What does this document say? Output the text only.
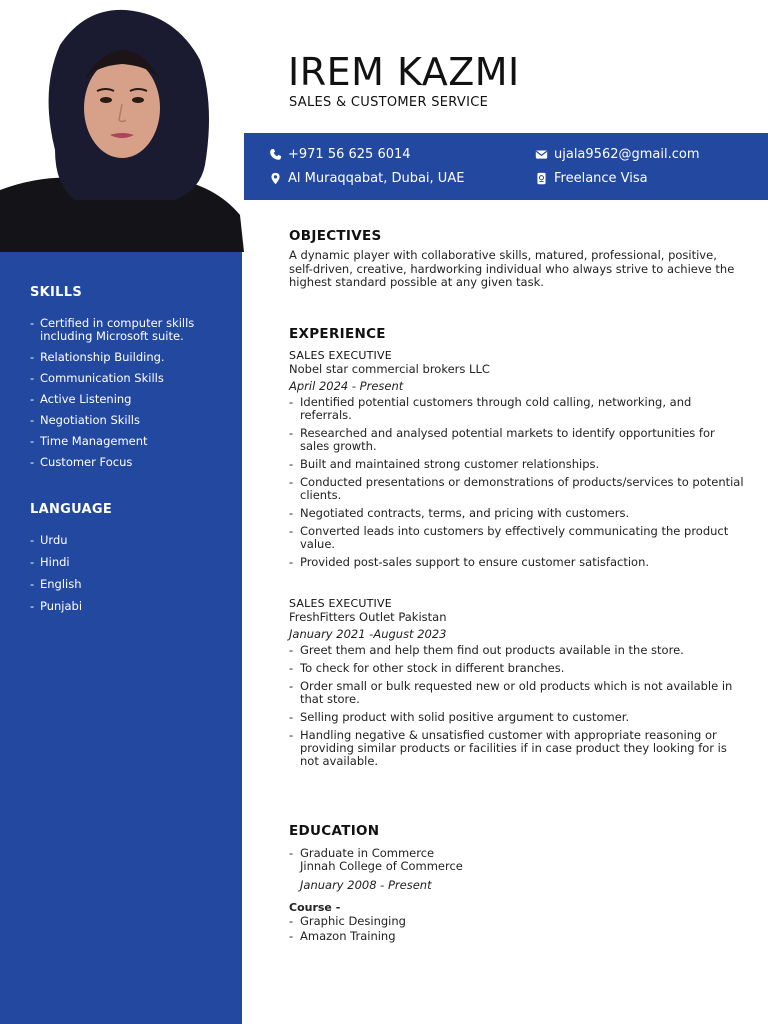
IREM KAZMI
SALES & CUSTOMER SERVICE
+971 56 625 6014	ujala9562@gmail.com
Al Muraqqabat, Dubai, UAE	Freelance Visa
SKILLS
- Certified in computer skills including Microsoft suite.
- Relationship Building.
- Communication Skills
- Active Listening
- Negotiation Skills
- Time Management
- Customer Focus
LANGUAGE
- Urdu
- Hindi
- English
- Punjabi
OBJECTIVES

A dynamic player with collaborative skills, matured, professional, positive, self-driven, creative, hardworking individual who always strive to achieve the highest standard possible at any given task.

EXPERIENCE
SALES EXECUTIVE
Nobel star commercial brokers LLC
April 2024 - Present
- Identified potential customers through cold calling, networking, and referrals.
- Researched and analysed potential markets to identify opportunities for sales growth.
- Built and maintained strong customer relationships.
- Conducted presentations or demonstrations of products/services to potential clients.
- Negotiated contracts, terms, and pricing with customers.
- Converted leads into customers by effectively communicating the product value.
- Provided post-sales support to ensure customer satisfaction.
SALES EXECUTIVE
FreshFitters Outlet Pakistan
January 2021 -August 2023
- Greet them and help them find out products available in the store.
- To check for other stock in different branches.
- Order small or bulk requested new or old products which is not available in that store.
- Selling product with solid positive argument to customer.
- Handling negative & unsatisfied customer with appropriate reasoning or providing similar products or facilities if in case product they looking for is not available.
EDUCATION
- Graduate in Commerce
Jinnah College of Commerce
January 2008 - Present
Course -
- Graphic Desinging
- Amazon Training
